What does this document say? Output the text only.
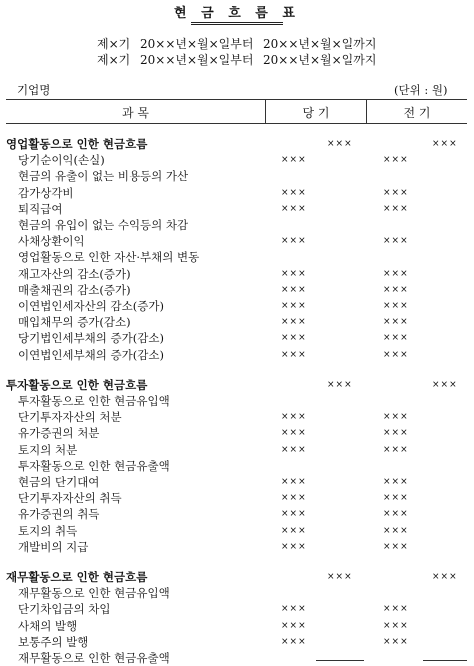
현 금 흐 름 표
제×기 20××년×월×일부터 20××년×월×일까지
제×기 20××년×월×일부터 20××년×월×일까지
기업명	(단위 : 원)
과 목	당 기	전 기
영업활동으로 인한 현금흐름	×××	×××
당기순이익(손실)	×××	×××
현금의 유출이 없는 비용등의 가산
감가상각비	×××	×××
퇴직급여	×××	×××
현금의 유입이 없는 수익등의 차감
사채상환이익	×××	×××
영업활동으로 인한 자산·부채의 변동
재고자산의 감소(증가)	×××	×××
매출채권의 감소(증가)	×××	×××
이연법인세자산의 감소(증가)	×××	×××
매입채무의 증가(감소)	×××	×××
당기법인세부채의 증가(감소)	×××	×××
이연법인세부채의 증가(감소)	×××	×××
투자활동으로 인한 현금흐름	×××	×××
투자활동으로 인한 현금유입액
단기투자자산의 처분	×××	×××
유가증권의 처분	×××	×××
토지의 처분	×××	×××
투자활동으로 인한 현금유출액
현금의 단기대여	×××	×××
단기투자자산의 취득	×××	×××
유가증권의 취득	×××	×××
토지의 취득	×××	×××
개발비의 지급	×××	×××
재무활동으로 인한 현금흐름	×××	×××
재무활동으로 인한 현금유입액
단기차입금의 차입	×××	×××
사채의 발행	×××	×××
보통주의 발행	×××	×××
재무활동으로 인한 현금유출액
